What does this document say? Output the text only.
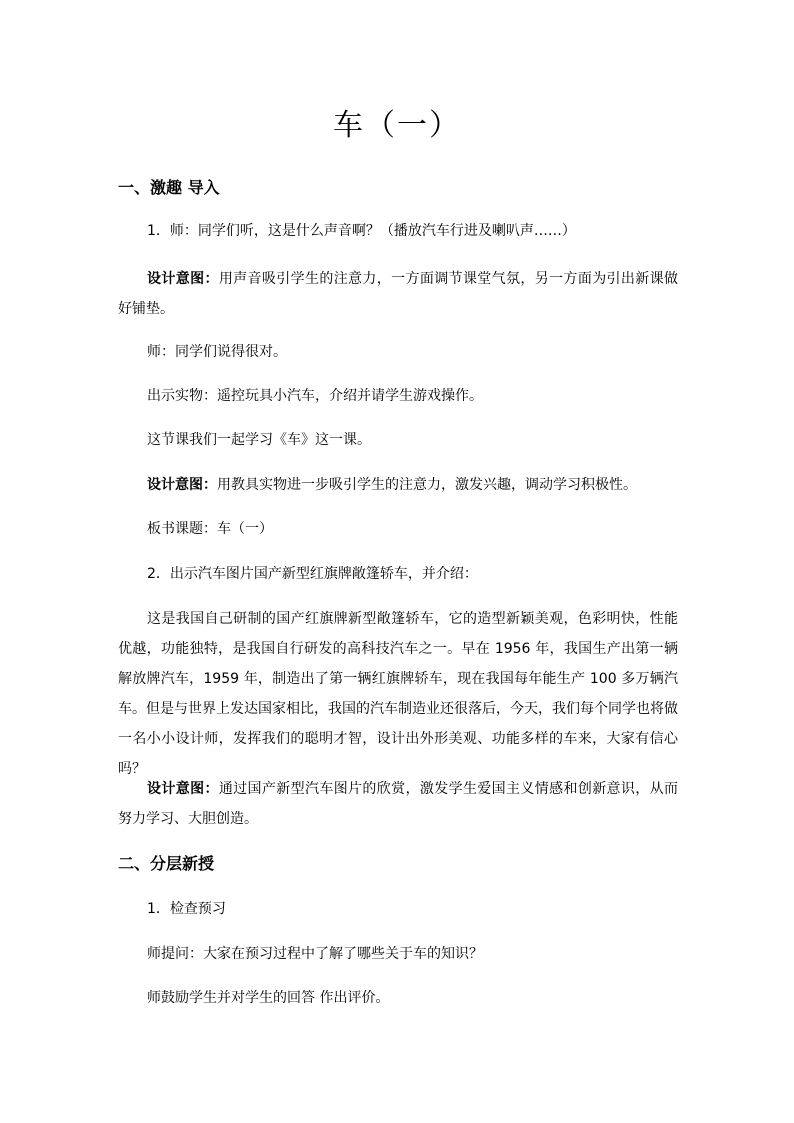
车（一）
一、激趣 导入
1．师：同学们听，这是什么声音啊？（播放汽车行进及喇叭声……）
设计意图：用声音吸引学生的注意力，一方面调节课堂气氛，另一方面为引出新课做好铺垫。
师：同学们说得很对。
出示实物：遥控玩具小汽车，介绍并请学生游戏操作。
这节课我们一起学习《车》这一课。
设计意图：用教具实物进一步吸引学生的注意力，激发兴趣，调动学习积极性。
板书课题：车（一）
2．出示汽车图片国产新型红旗牌敞篷轿车，并介绍：
这是我国自己研制的国产红旗牌新型敞篷轿车，它的造型新颖美观，色彩明快，性能优越，功能独特，是我国自行研发的高科技汽车之一。早在 1956 年，我国生产出第一辆解放牌汽车，1959 年，制造出了第一辆红旗牌轿车，现在我国每年能生产 100 多万辆汽车。但是与世界上发达国家相比，我国的汽车制造业还很落后，今天，我们每个同学也将做一名小小设计师，发挥我们的聪明才智，设计出外形美观、功能多样的车来，大家有信心吗？
设计意图：通过国产新型汽车图片的欣赏，激发学生爱国主义情感和创新意识，从而努力学习、大胆创造。
二、分层新授
1．检查预习
师提问：大家在预习过程中了解了哪些关于车的知识？
师鼓励学生并对学生的回答 作出评价。
